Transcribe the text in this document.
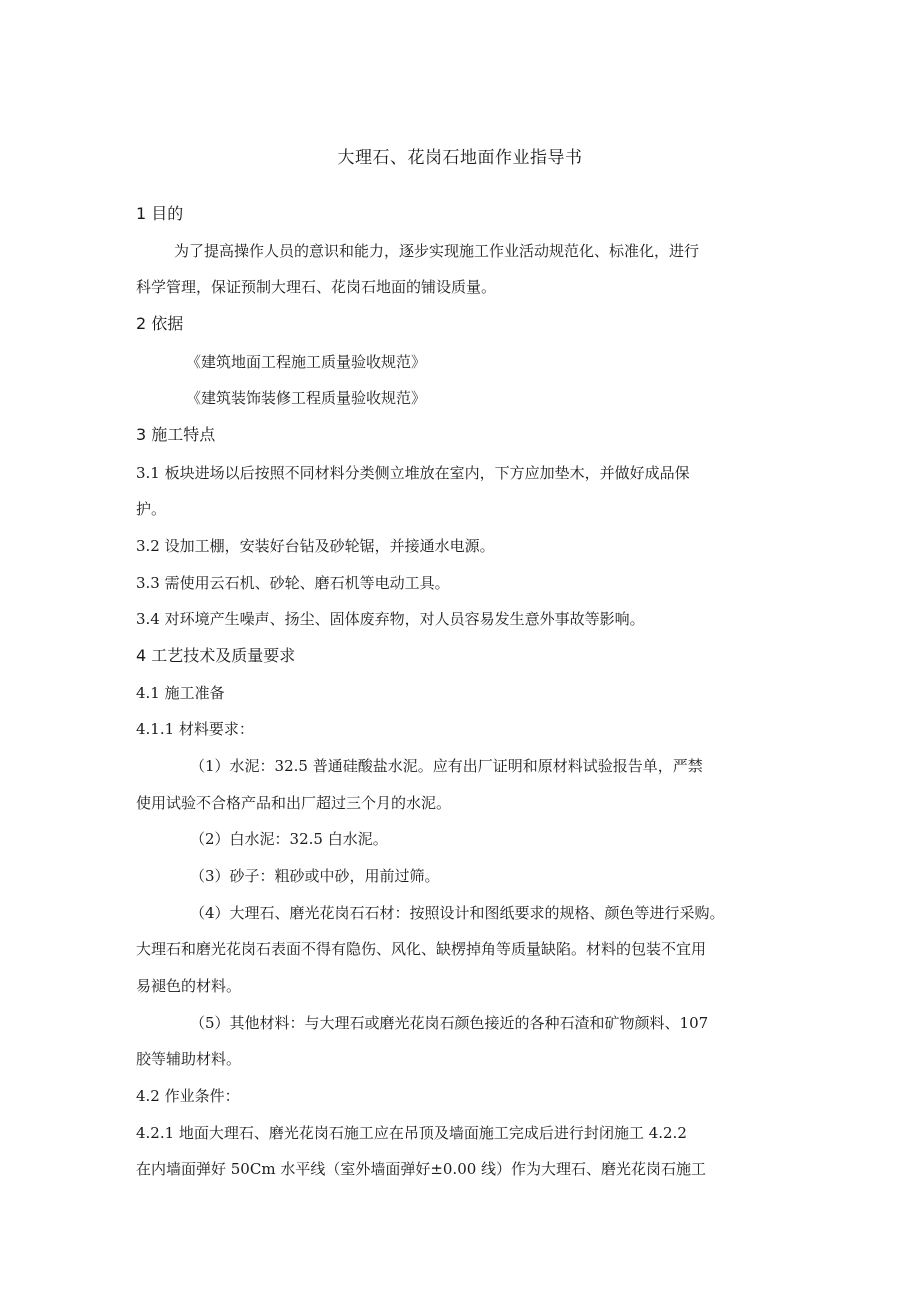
大理石、花岗石地面作业指导书
1 目的
为了提高操作人员的意识和能力，逐步实现施工作业活动规范化、标准化，进行
科学管理，保证预制大理石、花岗石地面的铺设质量。
2 依据
《建筑地面工程施工质量验收规范》
《建筑装饰装修工程质量验收规范》
3 施工特点
3.1 板块进场以后按照不同材料分类侧立堆放在室内，下方应加垫木，并做好成品保
护。
3.2 设加工棚，安装好台钻及砂轮锯，并接通水电源。
3.3 需使用云石机、砂轮、磨石机等电动工具。
3.4 对环境产生噪声、扬尘、固体废弃物，对人员容易发生意外事故等影响。
4 工艺技术及质量要求
4.1 施工准备
4.1.1 材料要求：
（1）水泥：32.5 普通硅酸盐水泥。应有出厂证明和原材料试验报告单，严禁
使用试验不合格产品和出厂超过三个月的水泥。
（2）白水泥：32.5 白水泥。
（3）砂子：粗砂或中砂，用前过筛。
（4）大理石、磨光花岗石石材：按照设计和图纸要求的规格、颜色等进行采购。
大理石和磨光花岗石表面不得有隐伤、风化、缺楞掉角等质量缺陷。材料的包装不宜用
易褪色的材料。
（5）其他材料：与大理石或磨光花岗石颜色接近的各种石渣和矿物颜料、107
胶等辅助材料。
4.2 作业条件：
4.2.1 地面大理石、磨光花岗石施工应在吊顶及墙面施工完成后进行封闭施工 4.2.2
在内墙面弹好 50Cm 水平线（室外墙面弹好±0.00 线）作为大理石、磨光花岗石施工
